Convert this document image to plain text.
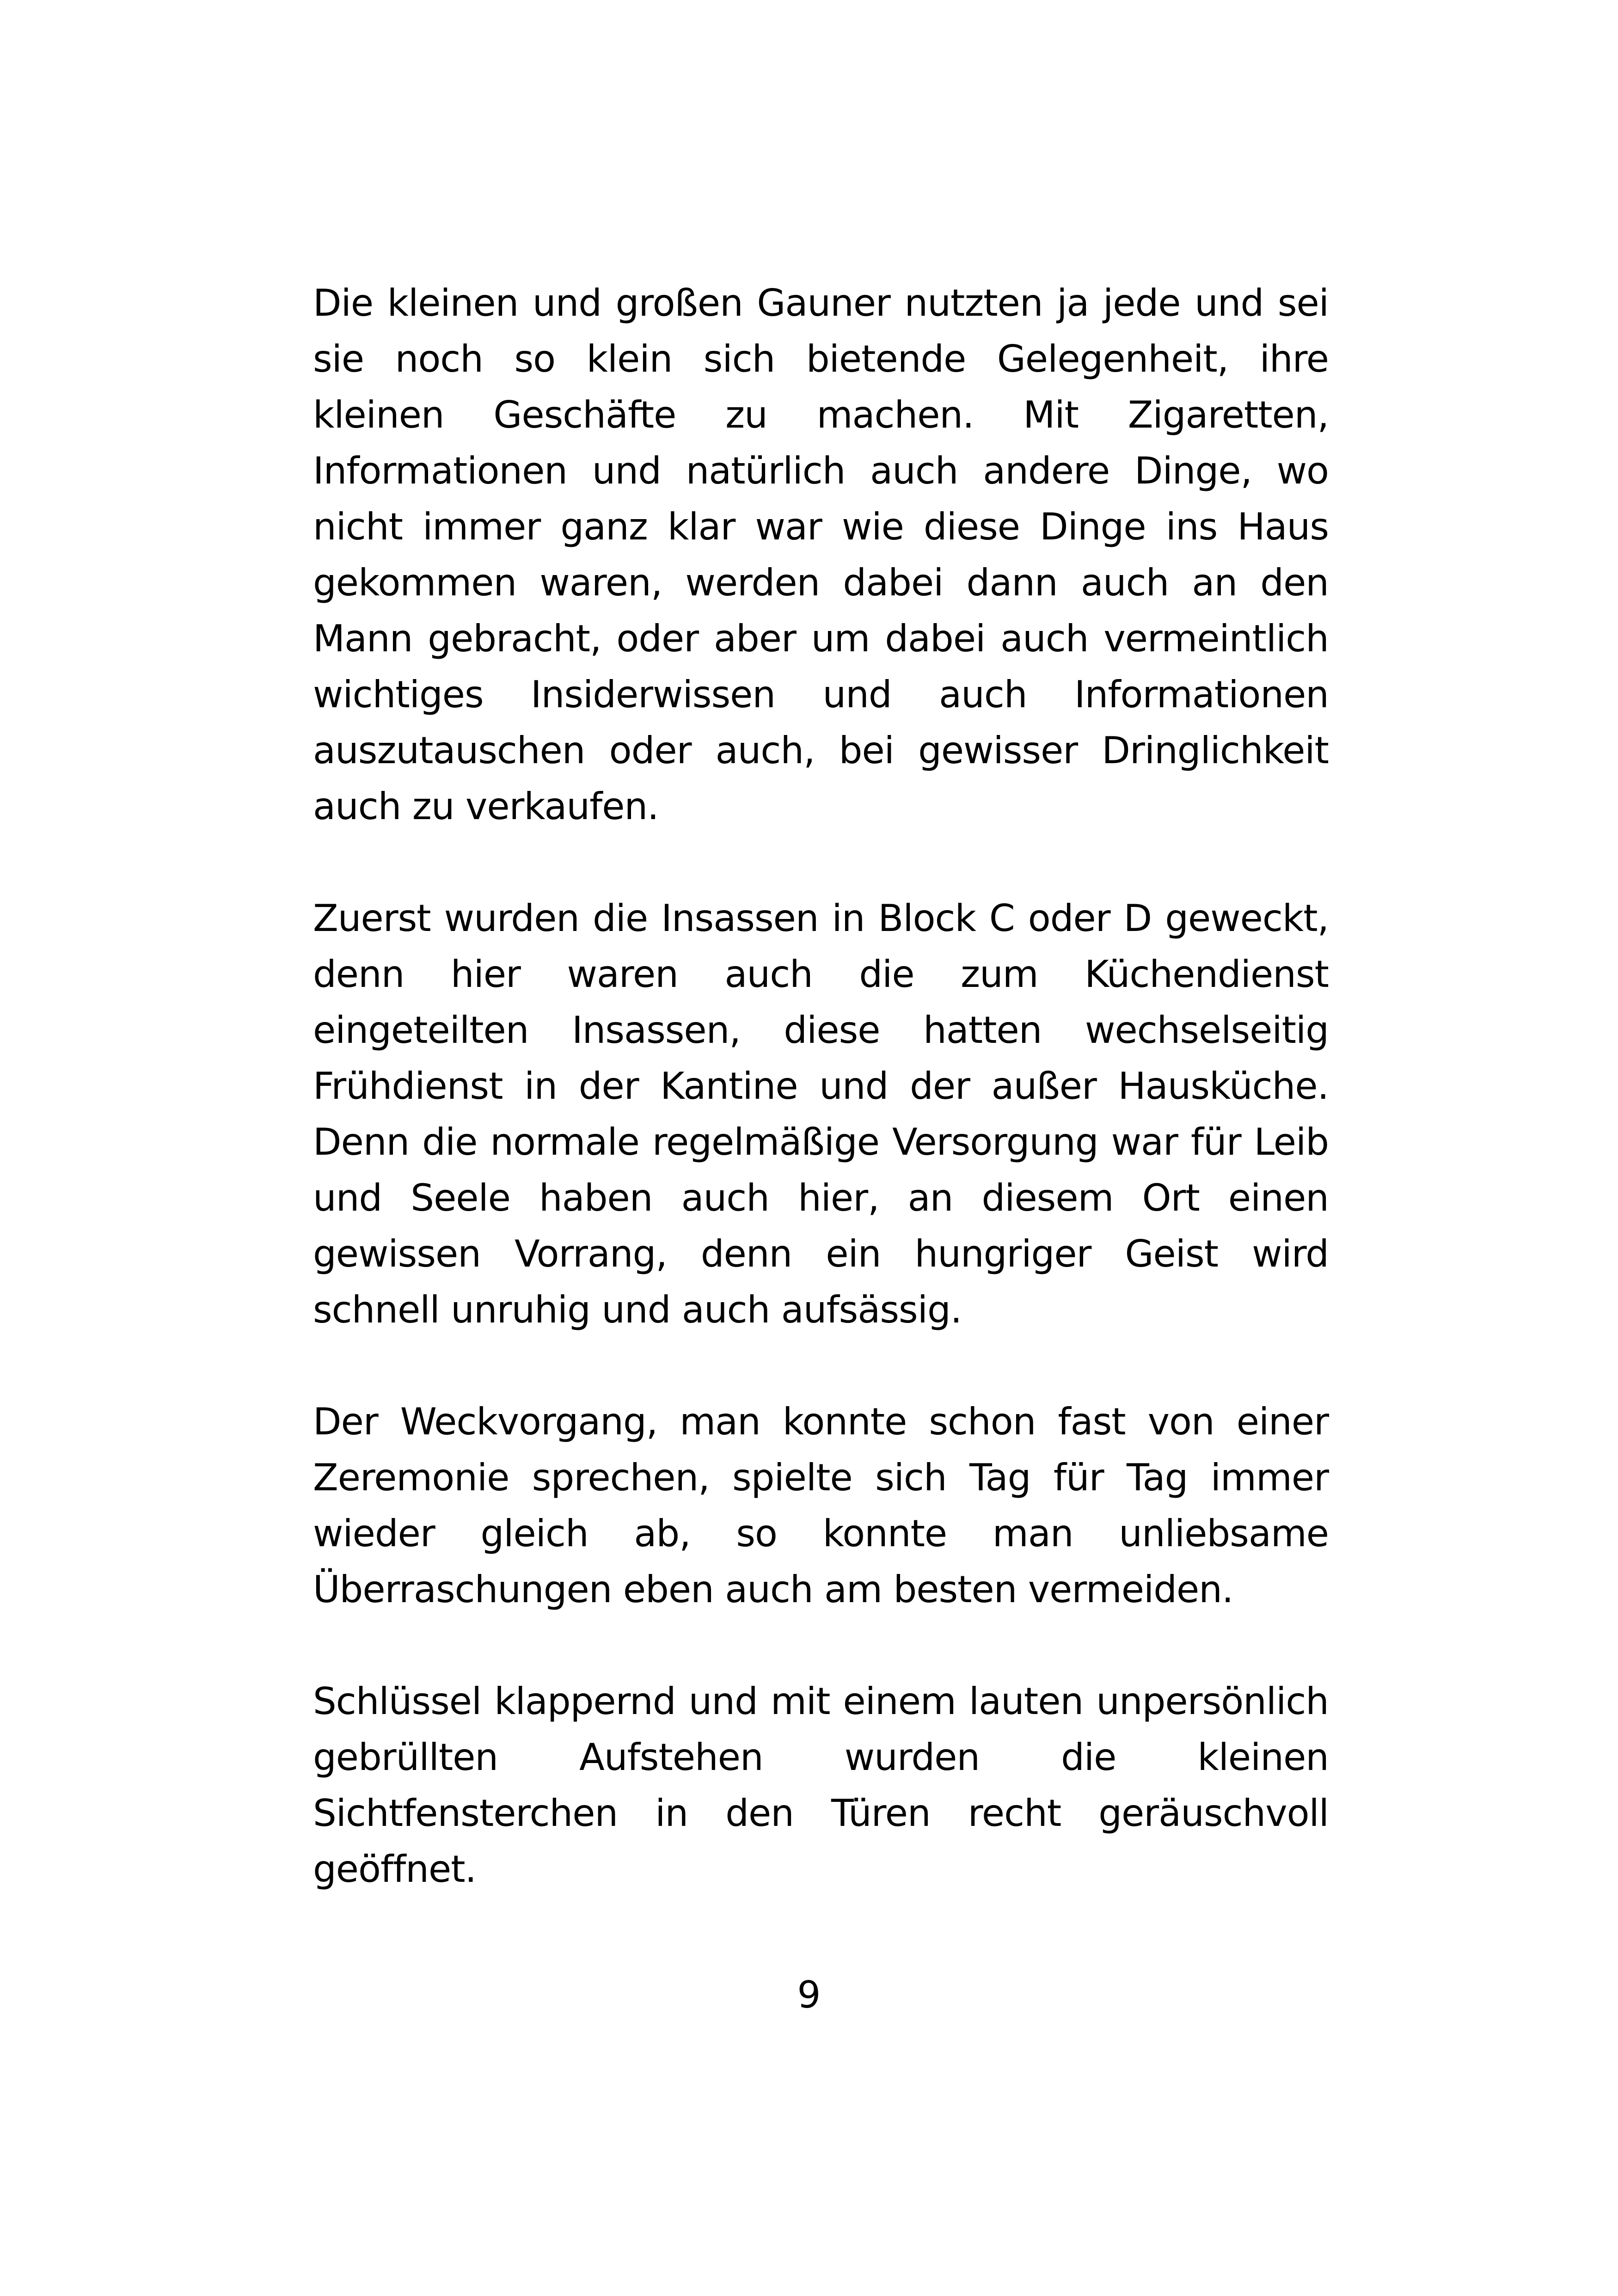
Die kleinen und großen Gauner nutzten ja jede und sei sie noch so klein sich bietende Gelegenheit, ihre kleinen Geschäfte zu machen. Mit Zigaretten, Informationen und natürlich auch andere Dinge, wo nicht immer ganz klar war wie diese Dinge ins Haus gekommen waren, werden dabei dann auch an den Mann gebracht, oder aber um dabei auch vermeintlich wichtiges Insiderwissen und auch Informationen auszutauschen oder auch, bei gewisser Dringlichkeit auch zu verkaufen.

Zuerst wurden die Insassen in Block C oder D geweckt, denn hier waren auch die zum Küchendienst eingeteilten Insassen, diese hatten wechselseitig Frühdienst in der Kantine und der außer Hausküche. Denn die normale regelmäßige Versorgung war für Leib und Seele haben auch hier, an diesem Ort einen gewissen Vorrang, denn ein hungriger Geist wird schnell unruhig und auch aufsässig.

Der Weckvorgang, man konnte schon fast von einer Zeremonie sprechen, spielte sich Tag für Tag immer wieder gleich ab, so konnte man unliebsame Überraschungen eben auch am besten vermeiden.

Schlüssel klappernd und mit einem lauten unpersönlich gebrüllten Aufstehen wurden die kleinen Sichtfensterchen in den Türen recht geräuschvoll geöffnet.

9
